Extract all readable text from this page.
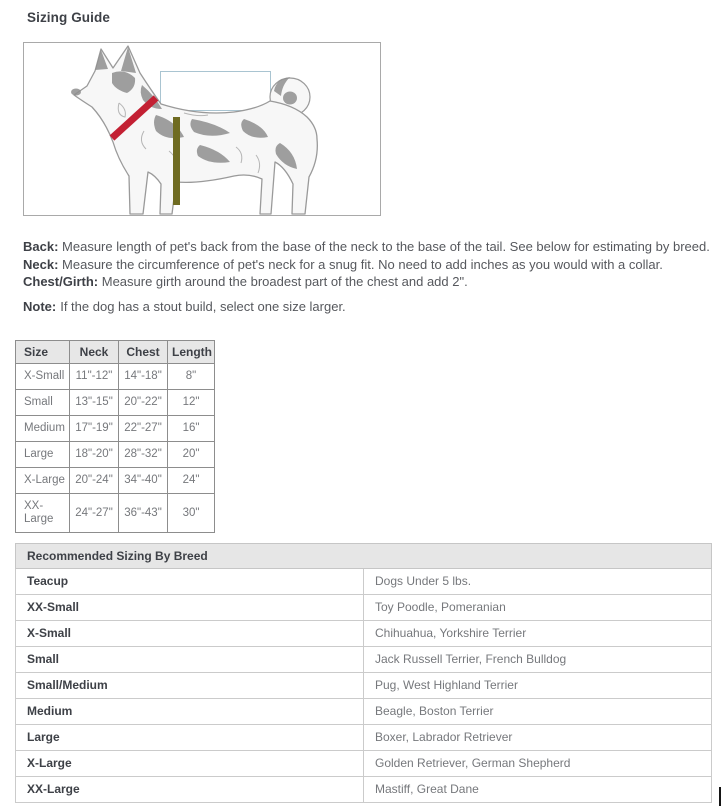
Sizing Guide

Back: Measure length of pet's back from the base of the neck to the base of the tail. See below for estimating by breed.

Neck: Measure the circumference of pet's neck for a snug fit. No need to add inches as you would with a collar.

Chest/Girth: Measure girth around the broadest part of the chest and add 2".

Note: If the dog has a stout build, select one size larger.

Size	Neck	Chest	Length
X-Small	11"-12"	14"-18"	8"
Small	13"-15"	20"-22"	12"
Medium	17"-19"	22"-27"	16"
Large	18"-20"	28"-32"	20"
X-Large	20"-24"	34"-40"	24"
XX-Large	24"-27"	36"-43"	30"
Recommended Sizing By Breed	
Teacup	Dogs Under 5 lbs.
XX-Small	Toy Poodle, Pomeranian
X-Small	Chihuahua, Yorkshire Terrier
Small	Jack Russell Terrier, French Bulldog
Small/Medium	Pug, West Highland Terrier
Medium	Beagle, Boston Terrier
Large	Boxer, Labrador Retriever
X-Large	Golden Retriever, German Shepherd
XX-Large	Mastiff, Great Dane
